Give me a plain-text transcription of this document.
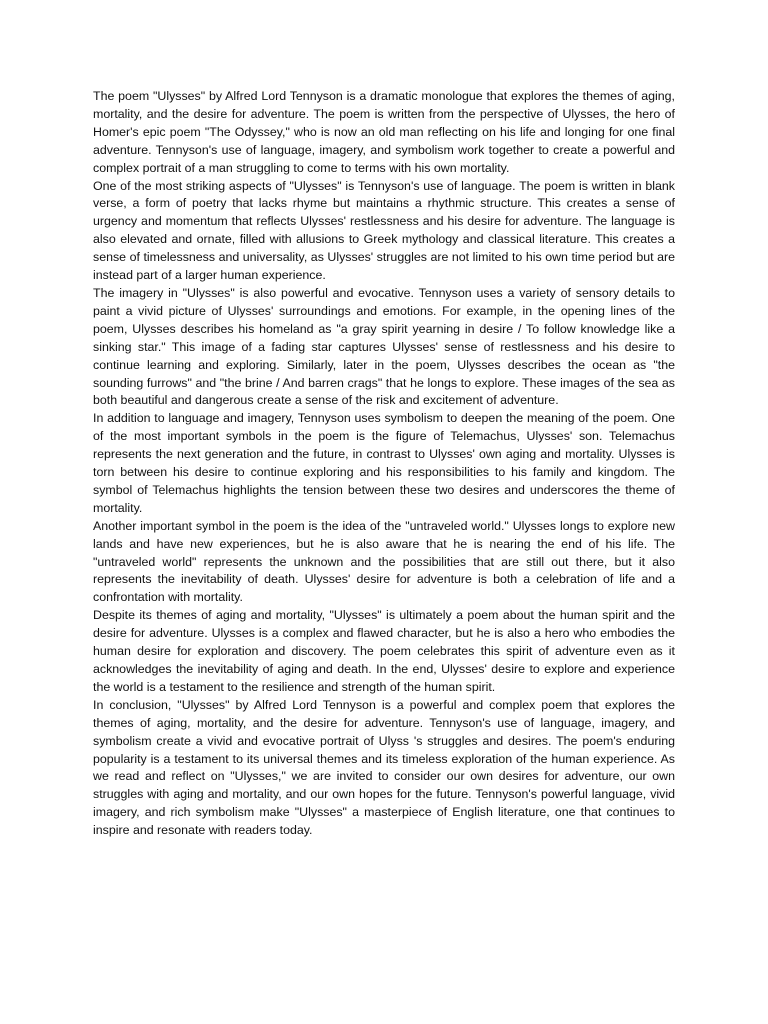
The poem "Ulysses" by Alfred Lord Tennyson is a dramatic monologue that explores the themes of aging, mortality, and the desire for adventure. The poem is written from the perspective of Ulysses, the hero of Homer's epic poem "The Odyssey," who is now an old man reflecting on his life and longing for one final adventure. Tennyson's use of language, imagery, and symbolism work together to create a powerful and complex portrait of a man struggling to come to terms with his own mortality.

One of the most striking aspects of "Ulysses" is Tennyson's use of language. The poem is written in blank verse, a form of poetry that lacks rhyme but maintains a rhythmic structure. This creates a sense of urgency and momentum that reflects Ulysses' restlessness and his desire for adventure. The language is also elevated and ornate, filled with allusions to Greek mythology and classical literature. This creates a sense of timelessness and universality, as Ulysses' struggles are not limited to his own time period but are instead part of a larger human experience.

The imagery in "Ulysses" is also powerful and evocative. Tennyson uses a variety of sensory details to paint a vivid picture of Ulysses' surroundings and emotions. For example, in the opening lines of the poem, Ulysses describes his homeland as "a gray spirit yearning in desire / To follow knowledge like a sinking star." This image of a fading star captures Ulysses' sense of restlessness and his desire to continue learning and exploring. Similarly, later in the poem, Ulysses describes the ocean as "the sounding furrows" and "the brine / And barren crags" that he longs to explore. These images of the sea as both beautiful and dangerous create a sense of the risk and excitement of adventure.

In addition to language and imagery, Tennyson uses symbolism to deepen the meaning of the poem. One of the most important symbols in the poem is the figure of Telemachus, Ulysses' son. Telemachus represents the next generation and the future, in contrast to Ulysses' own aging and mortality. Ulysses is torn between his desire to continue exploring and his responsibilities to his family and kingdom. The symbol of Telemachus highlights the tension between these two desires and underscores the theme of mortality.

Another important symbol in the poem is the idea of the "untraveled world." Ulysses longs to explore new lands and have new experiences, but he is also aware that he is nearing the end of his life. The "untraveled world" represents the unknown and the possibilities that are still out there, but it also represents the inevitability of death. Ulysses' desire for adventure is both a celebration of life and a confrontation with mortality.

Despite its themes of aging and mortality, "Ulysses" is ultimately a poem about the human spirit and the desire for adventure. Ulysses is a complex and flawed character, but he is also a hero who embodies the human desire for exploration and discovery. The poem celebrates this spirit of adventure even as it acknowledges the inevitability of aging and death. In the end, Ulysses' desire to explore and experience the world is a testament to the resilience and strength of the human spirit.

In conclusion, "Ulysses" by Alfred Lord Tennyson is a powerful and complex poem that explores the themes of aging, mortality, and the desire for adventure. Tennyson's use of language, imagery, and symbolism create a vivid and evocative portrait of Ulyss 's struggles and desires. The poem's enduring popularity is a testament to its universal themes and its timeless exploration of the human experience. As we read and reflect on "Ulysses," we are invited to consider our own desires for adventure, our own struggles with aging and mortality, and our own hopes for the future. Tennyson's powerful language, vivid imagery, and rich symbolism make "Ulysses" a masterpiece of English literature, one that continues to inspire and resonate with readers today.
